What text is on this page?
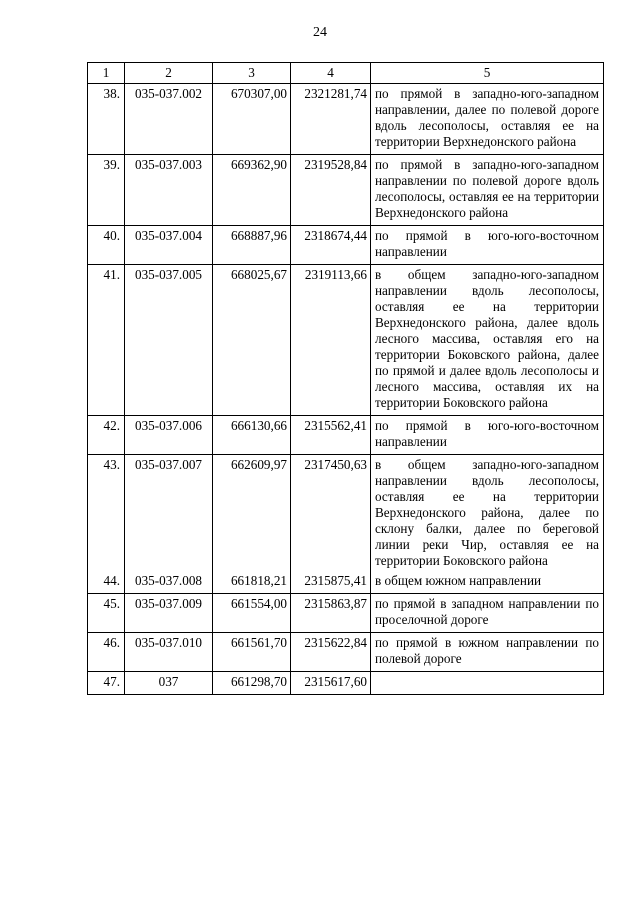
24
1	2	3	4	5
38.	035-037.002	670307,00	2321281,74	по прямой в западно-юго-западном направлении, далее по полевой дороге вдоль лесополосы, оставляя ее на территории Верхнедонского района
39.	035-037.003	669362,90	2319528,84	по прямой в западно-юго-западном направлении по полевой дороге вдоль лесополосы, оставляя ее на территории Верхнедонского района
40.	035-037.004	668887,96	2318674,44	по прямой в юго-юго-восточном направлении
41.	035-037.005	668025,67	2319113,66	в общем западно-юго-западном направлении вдоль лесополосы, оставляя ее на территории Верхнедонского района, далее вдоль лесного массива, оставляя его на территории Боковского района, далее по прямой и далее вдоль лесополосы и лесного массива, оставляя их на территории Боковского района
42.	035-037.006	666130,66	2315562,41	по прямой в юго-юго-восточном направлении
43.	035-037.007	662609,97	2317450,63	в общем западно-юго-западном направлении вдоль лесополосы, оставляя ее на территории Верхнедонского района, далее по склону балки, далее по береговой линии реки Чир, оставляя ее на территории Боковского района
44.	035-037.008	661818,21	2315875,41	в общем южном направлении
45.	035-037.009	661554,00	2315863,87	по прямой в западном направлении по проселочной дороге
46.	035-037.010	661561,70	2315622,84	по прямой в южном направлении по полевой дороге
47.	037	661298,70	2315617,60	
